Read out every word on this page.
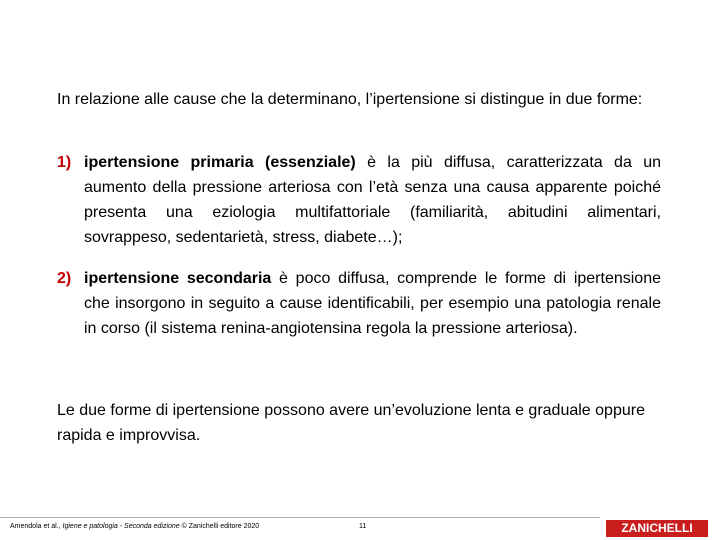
In relazione alle cause che la determinano, l’ipertensione si distingue in due forme:
1) ipertensione primaria (essenziale) è la più diffusa, caratterizzata da un aumento della pressione arteriosa con l’età senza una causa apparente poiché presenta una eziologia multifattoriale (familiarità, abitudini alimentari, sovrappeso, sedentarietà, stress, diabete…);
2) ipertensione secondaria è poco diffusa, comprende le forme di ipertensione che insorgono in seguito a cause identificabili, per esempio una patologia renale in corso (il sistema renina-angiotensina regola la pressione arteriosa).
Le due forme di ipertensione possono avere un’evoluzione lenta e graduale oppure rapida e improvvisa.
Amendola et al., Igiene e patologia - Seconda edizione © Zanichelli editore 2020	11	ZANICHELLI
